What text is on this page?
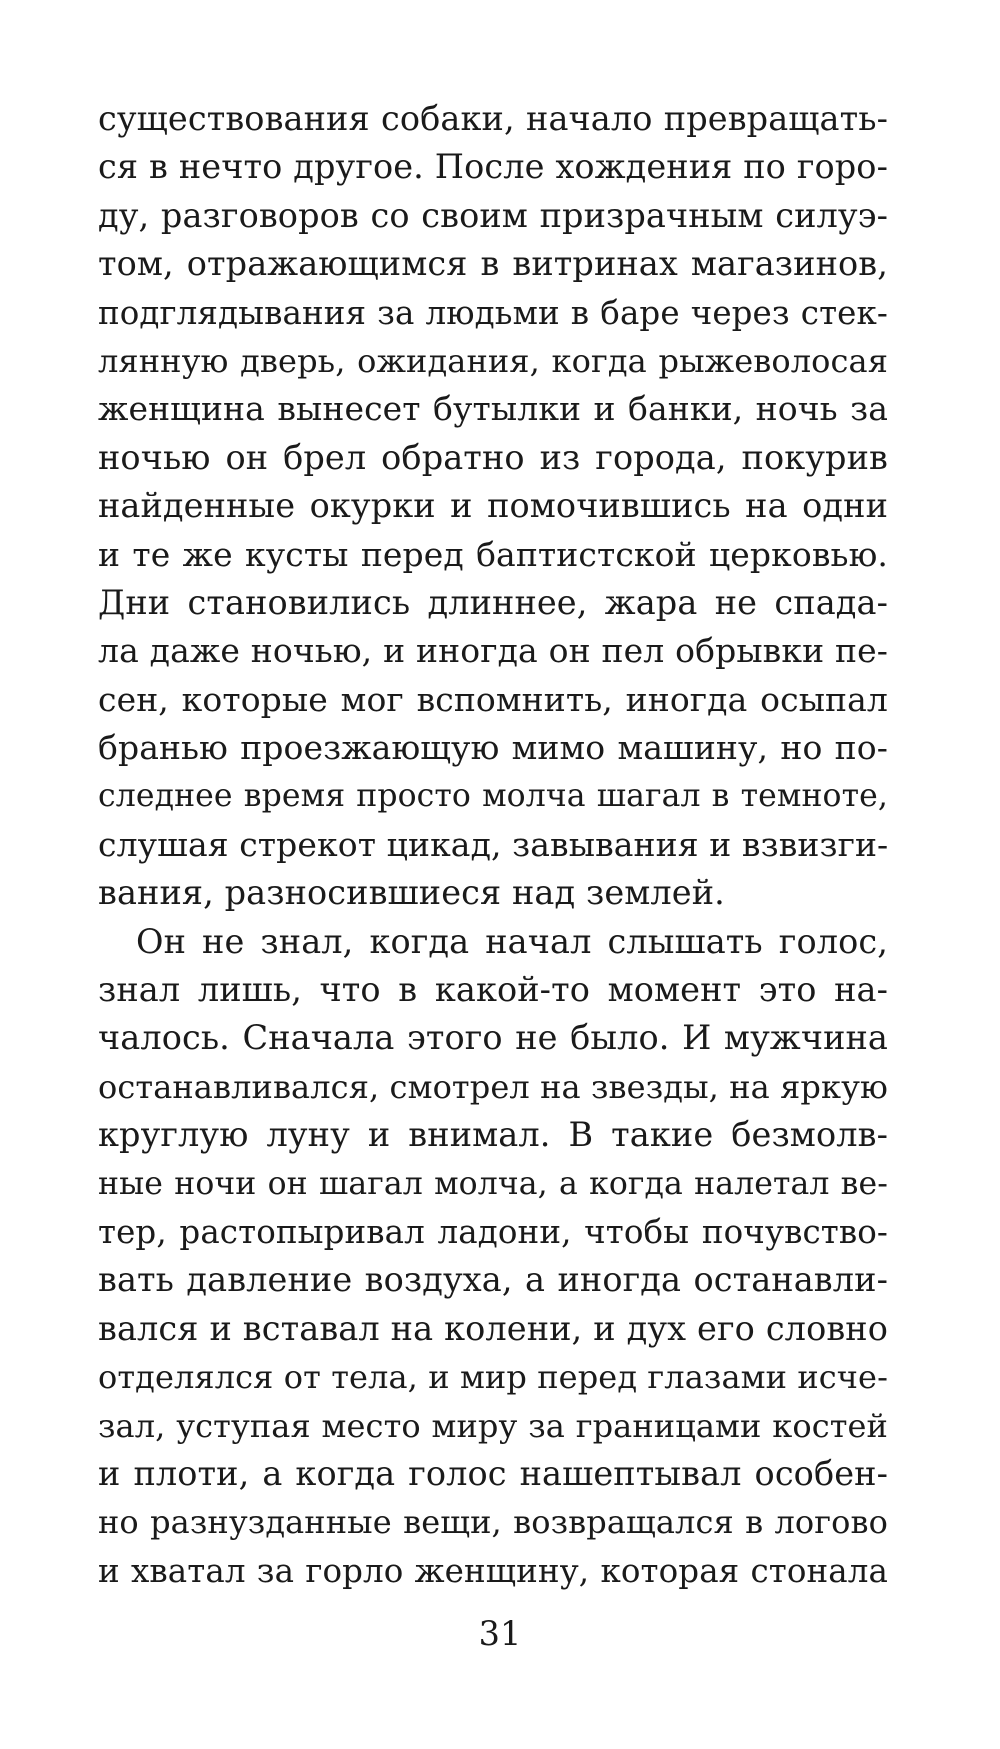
существования собаки, начало превращать-
ся в нечто другое. После хождения по горо-
ду, разговоров со своим призрачным силуэ-
том, отражающимся в витринах магазинов,
подглядывания за людьми в баре через стек-
лянную дверь, ожидания, когда рыжеволосая
женщина вынесет бутылки и банки, ночь за
ночью он брел обратно из города, покурив
найденные окурки и помочившись на одни
и те же кусты перед баптистской церковью.
Дни становились длиннее, жара не спада-
ла даже ночью, и иногда он пел обрывки пе-
сен, которые мог вспомнить, иногда осыпал
бранью проезжающую мимо машину, но по-
следнее время просто молча шагал в темноте,
слушая стрекот цикад, завывания и взвизги-
вания, разносившиеся над землей.
Он не знал, когда начал слышать голос,
знал лишь, что в какой-то момент это на-
чалось. Сначала этого не было. И мужчина
останавливался, смотрел на звезды, на яркую
круглую луну и внимал. В такие безмолв-
ные ночи он шагал молча, а когда налетал ве-
тер, растопыривал ладони, чтобы почувство-
вать давление воздуха, а иногда останавли-
вался и вставал на колени, и дух его словно
отделялся от тела, и мир перед глазами исче-
зал, уступая место миру за границами костей
и плоти, а когда голос нашептывал особен-
но разнузданные вещи, возвращался в логово
и хватал за горло женщину, которая стонала
31
